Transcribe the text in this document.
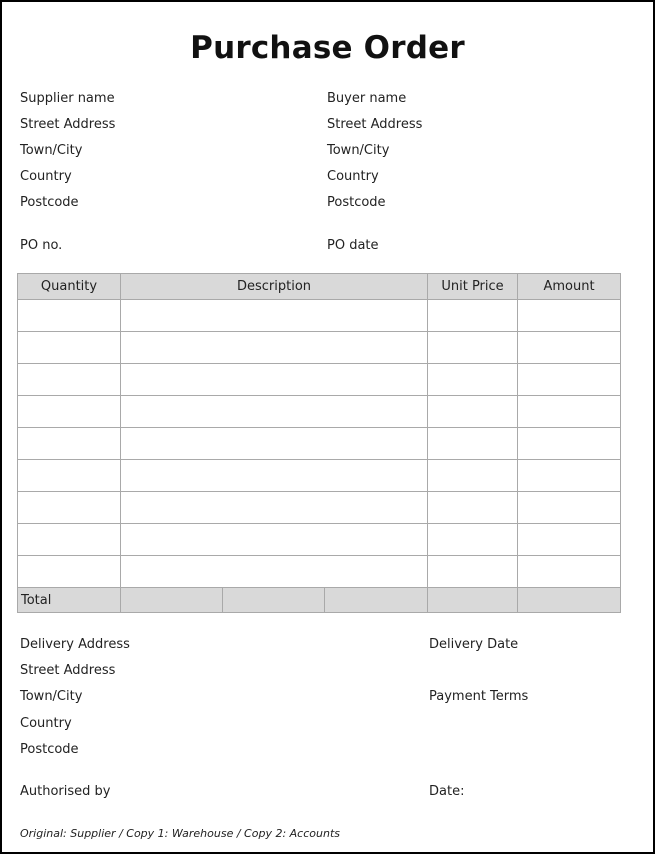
Purchase Order
Supplier name
Street Address
Town/City
Country
Postcode
Buyer name
Street Address
Town/City
Country
Postcode
PO no.	PO date
Quantity	Description			Unit Price	Amount

Total					
Delivery Address
Street Address
Town/City
Country
Postcode
Delivery Date
Payment Terms
Authorised by	Date:
Original: Supplier / Copy 1: Warehouse / Copy 2: Accounts
